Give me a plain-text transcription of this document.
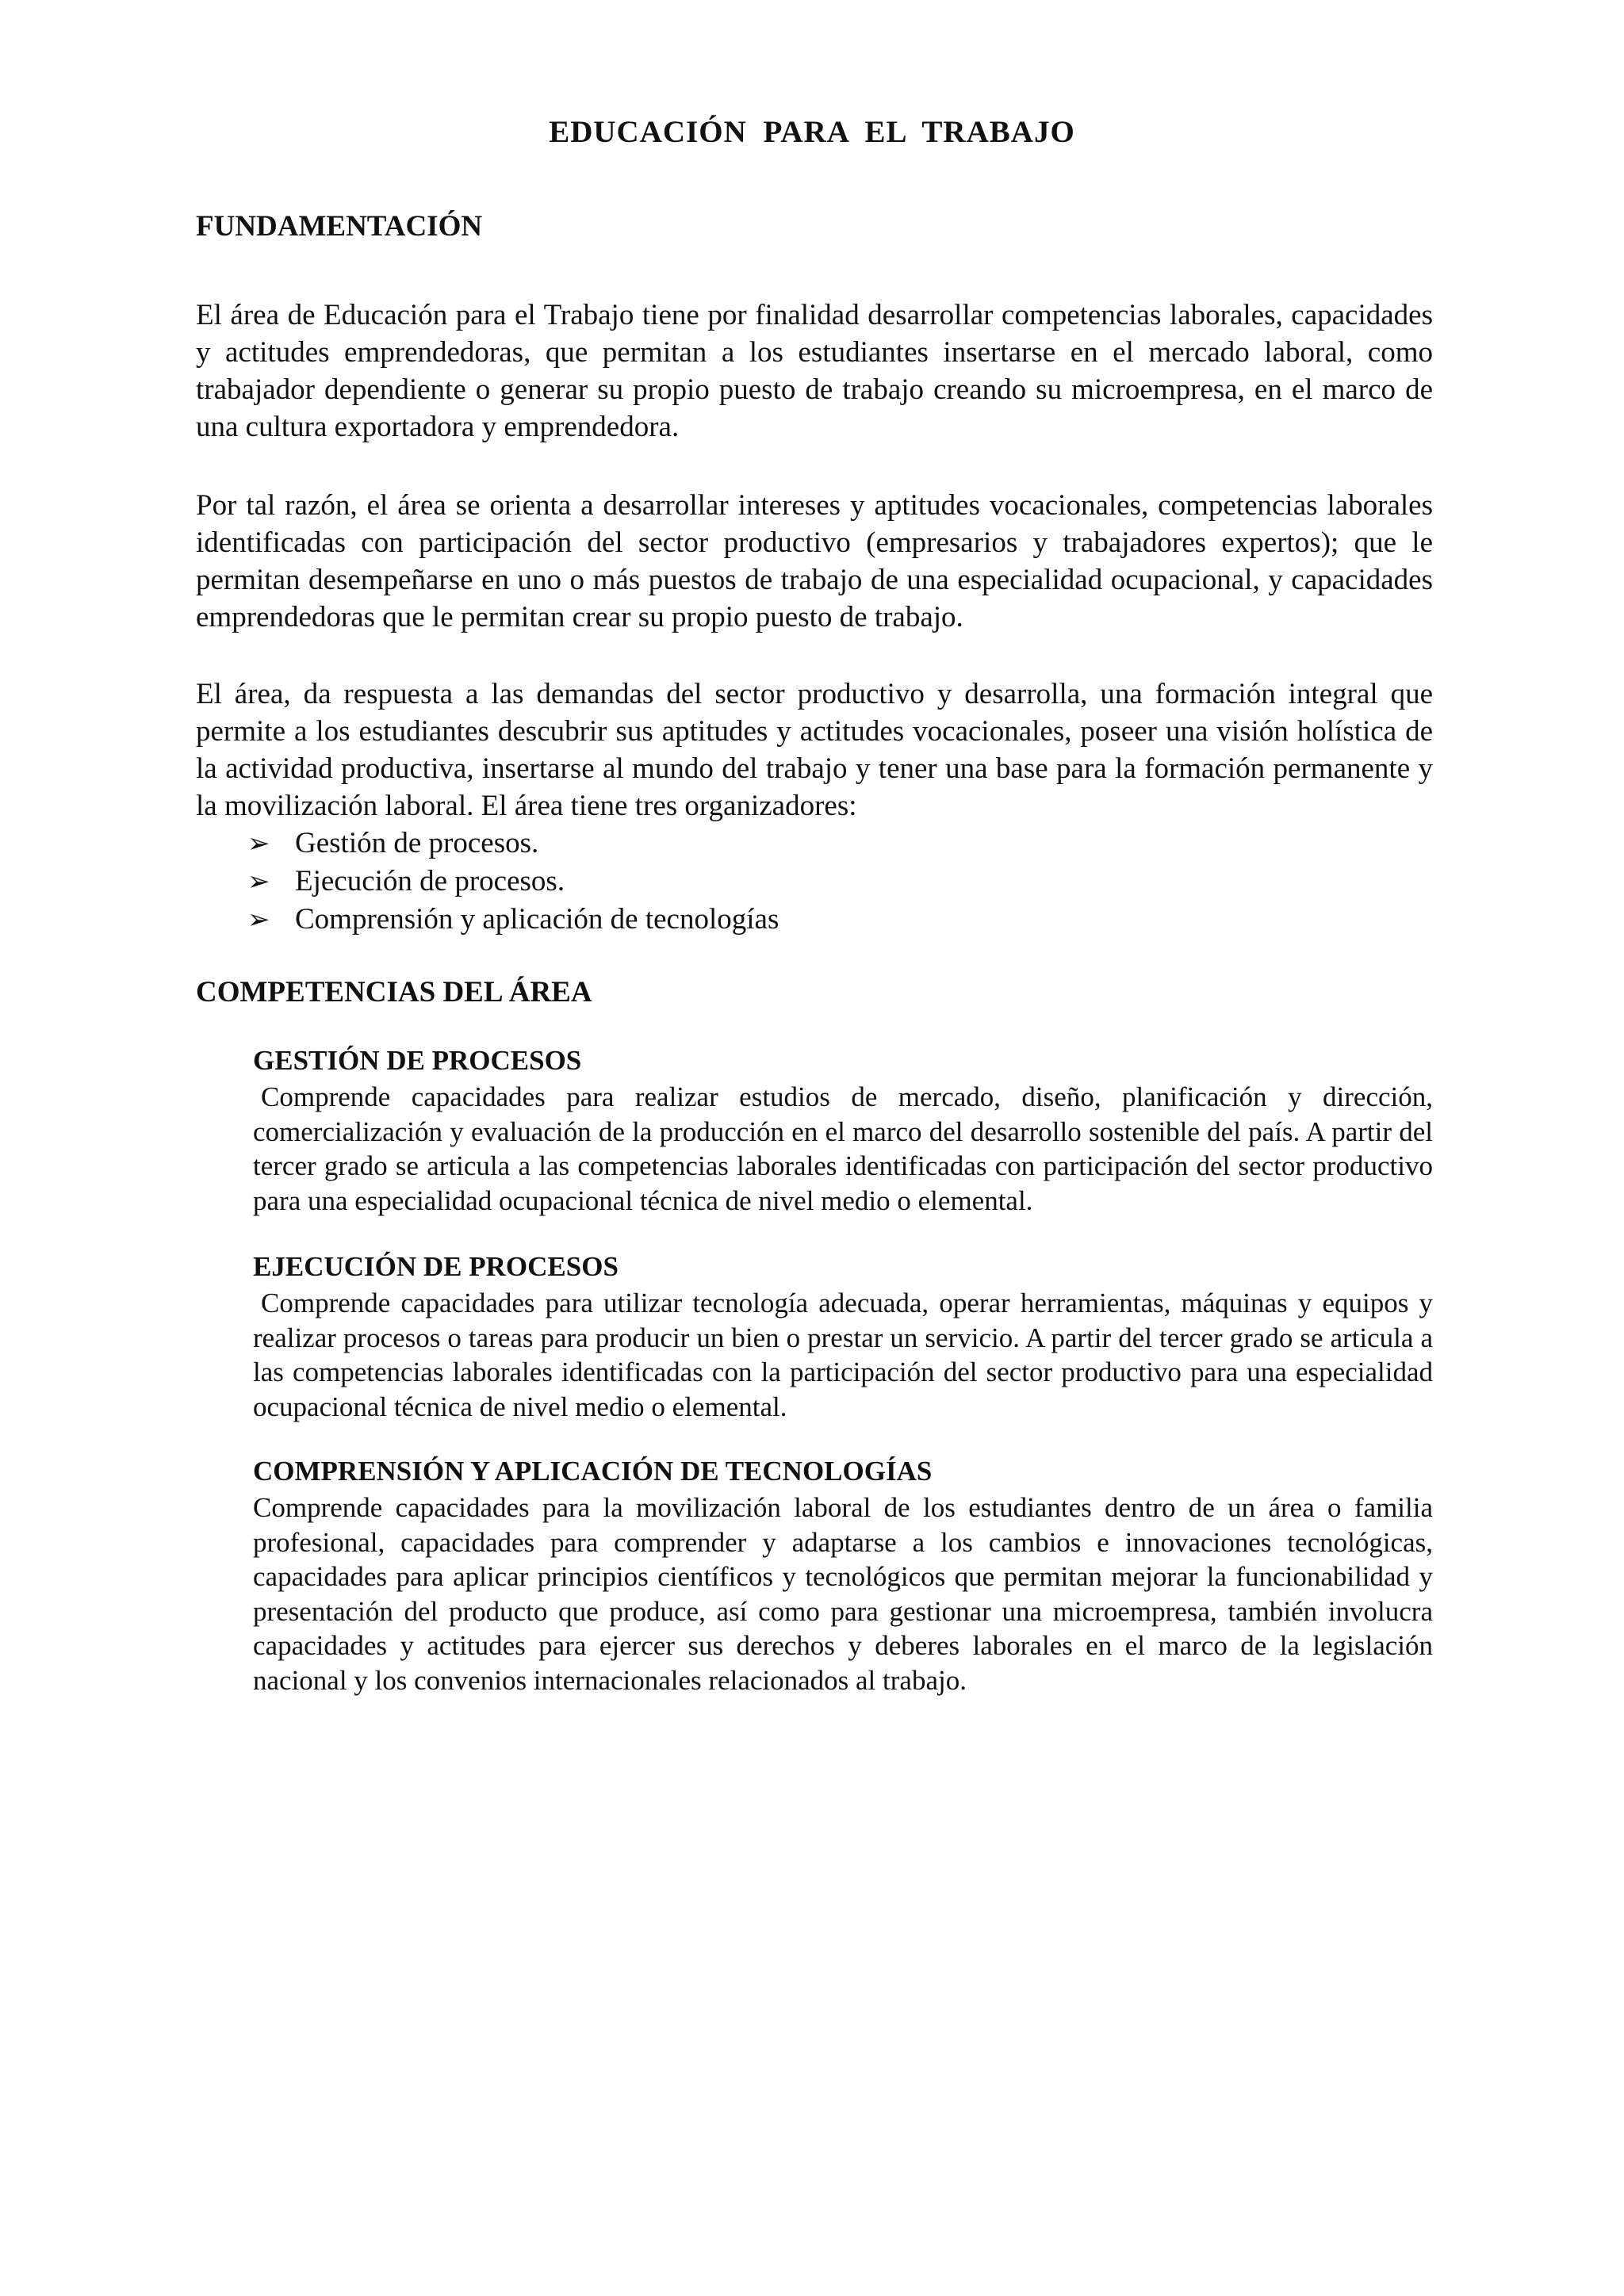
EDUCACIÓN PARA EL TRABAJO
FUNDAMENTACIÓN

El área de Educación para el Trabajo tiene por finalidad desarrollar competencias laborales, capacidades y actitudes emprendedoras, que permitan a los estudiantes insertarse en el mercado laboral, como trabajador dependiente o generar su propio puesto de trabajo creando su microempresa, en el marco de una cultura exportadora y emprendedora.

Por tal razón, el área se orienta a desarrollar intereses y aptitudes vocacionales, competencias laborales identificadas con participación del sector productivo (empresarios y trabajadores expertos); que le permitan desempeñarse en uno o más puestos de trabajo de una especialidad ocupacional, y capacidades emprendedoras que le permitan crear su propio puesto de trabajo.

El área, da respuesta a las demandas del sector productivo y desarrolla, una formación integral que permite a los estudiantes descubrir sus aptitudes y actitudes vocacionales, poseer una visión holística de la actividad productiva, insertarse al mundo del trabajo y tener una base para la formación permanente y la movilización laboral. El área tiene tres organizadores:

➢ Gestión de procesos.
➢ Ejecución de procesos.
➢ Comprensión y aplicación de tecnologías
COMPETENCIAS DEL ÁREA
GESTIÓN DE PROCESOS

Comprende capacidades para realizar estudios de mercado, diseño, planificación y dirección, comercialización y evaluación de la producción en el marco del desarrollo sostenible del país. A partir del tercer grado se articula a las competencias laborales identificadas con participación del sector productivo para una especialidad ocupacional técnica de nivel medio o elemental.

EJECUCIÓN DE PROCESOS

Comprende capacidades para utilizar tecnología adecuada, operar herramientas, máquinas y equipos y realizar procesos o tareas para producir un bien o prestar un servicio. A partir del tercer grado se articula a las competencias laborales identificadas con la participación del sector productivo para una especialidad ocupacional técnica de nivel medio o elemental.

COMPRENSIÓN Y APLICACIÓN DE TECNOLOGÍAS

Comprende capacidades para la movilización laboral de los estudiantes dentro de un área o familia profesional, capacidades para comprender y adaptarse a los cambios e innovaciones tecnológicas, capacidades para aplicar principios científicos y tecnológicos que permitan mejorar la funcionabilidad y presentación del producto que produce, así como para gestionar una microempresa, también involucra capacidades y actitudes para ejercer sus derechos y deberes laborales en el marco de la legislación nacional y los convenios internacionales relacionados al trabajo.
